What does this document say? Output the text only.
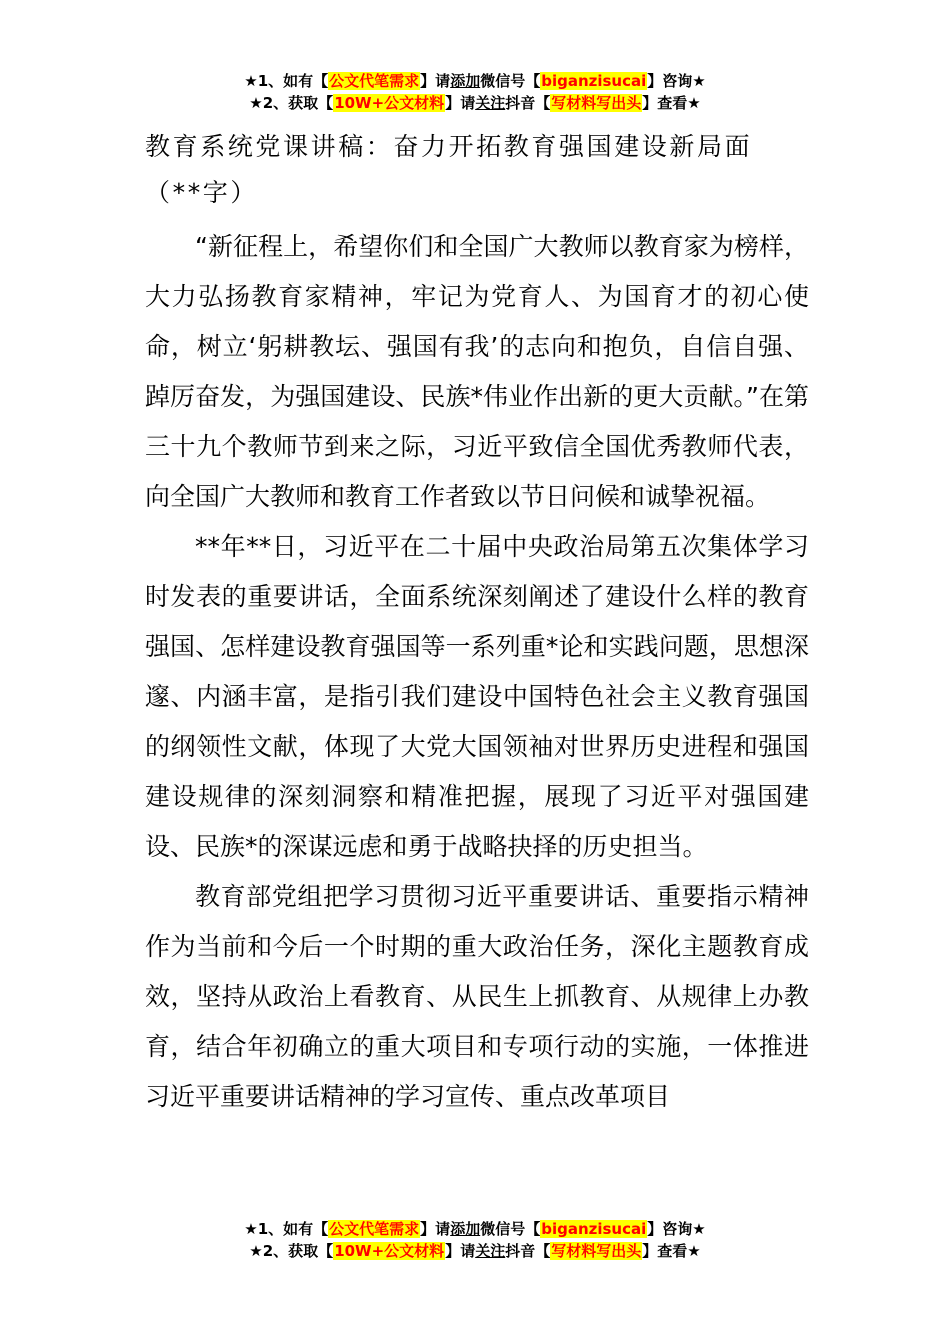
★1、如有【公文代笔需求】请添加微信号【biganzisucai】咨询★
★2、获取【10W+公文材料】请关注抖音【写材料写出头】查看★
教育系统党课讲稿：奋力开拓教育强国建设新局面（**字）

“新征程上，希望你们和全国广大教师以教育家为榜样，大力弘扬教育家精神，牢记为党育人、为国育才的初心使命，树立‘躬耕教坛、强国有我’的志向和抱负，自信自强、踔厉奋发，为强国建设、民族*伟业作出新的更大贡献。”在第三十九个教师节到来之际，习近平致信全国优秀教师代表，向全国广大教师和教育工作者致以节日问候和诚挚祝福。

**年**日，习近平在二十届中央政治局第五次集体学习时发表的重要讲话，全面系统深刻阐述了建设什么样的教育强国、怎样建设教育强国等一系列重*论和实践问题，思想深邃、内涵丰富，是指引我们建设中国特色社会主义教育强国的纲领性文献，体现了大党大国领袖对世界历史进程和强国建设规律的深刻洞察和精准把握，展现了习近平对强国建设、民族*的深谋远虑和勇于战略抉择的历史担当。

教育部党组把学习贯彻习近平重要讲话、重要指示精神作为当前和今后一个时期的重大政治任务，深化主题教育成效，坚持从政治上看教育、从民生上抓教育、从规律上办教育，结合年初确立的重大项目和专项行动的实施，一体推进习近平重要讲话精神的学习宣传、重点改革项目

★1、如有【公文代笔需求】请添加微信号【biganzisucai】咨询★
★2、获取【10W+公文材料】请关注抖音【写材料写出头】查看★
